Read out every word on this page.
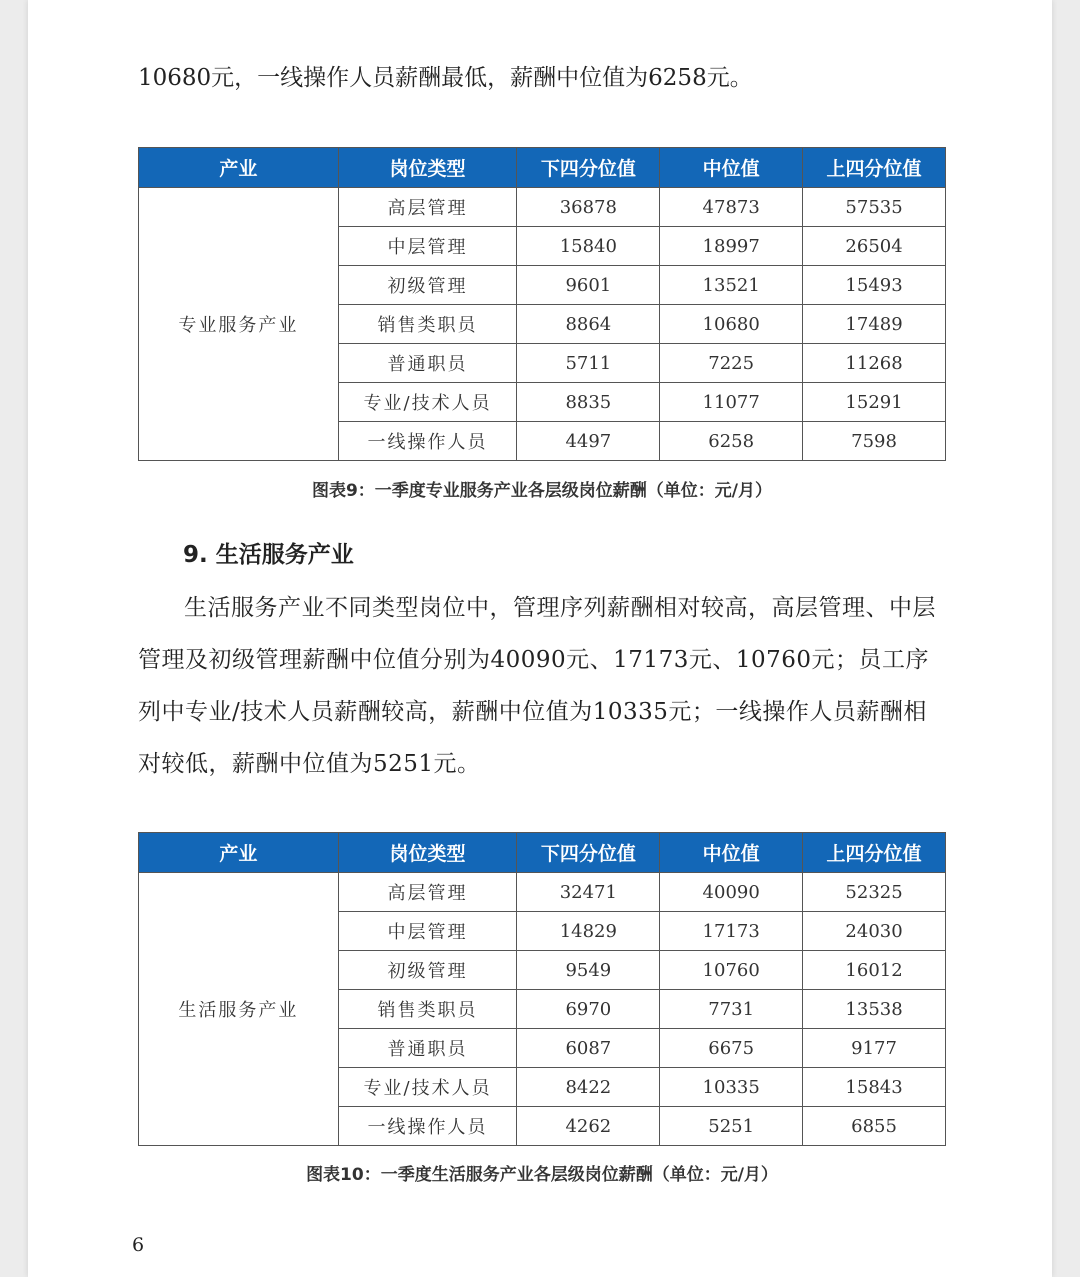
10680元，一线操作人员薪酬最低，薪酬中位值为6258元。

产业	岗位类型	下四分位值	中位值	上四分位值
专业服务产业	高层管理	36878	47873	57535
	中层管理	15840	18997	26504
	初级管理	9601	13521	15493
	销售类职员	8864	10680	17489
	普通职员	5711	7225	11268
	专业/技术人员	8835	11077	15291
	一线操作人员	4497	6258	7598

图表9：一季度专业服务产业各层级岗位薪酬（单位：元/月）

9. 生活服务产业

生活服务产业不同类型岗位中，管理序列薪酬相对较高，高层管理、中层管理及初级管理薪酬中位值分别为40090元、17173元、10760元；员工序列中专业/技术人员薪酬较高，薪酬中位值为10335元；一线操作人员薪酬相对较低，薪酬中位值为5251元。

产业	岗位类型	下四分位值	中位值	上四分位值
生活服务产业	高层管理	32471	40090	52325
	中层管理	14829	17173	24030
	初级管理	9549	10760	16012
	销售类职员	6970	7731	13538
	普通职员	6087	6675	9177
	专业/技术人员	8422	10335	15843
	一线操作人员	4262	5251	6855

图表10：一季度生活服务产业各层级岗位薪酬（单位：元/月）

6
